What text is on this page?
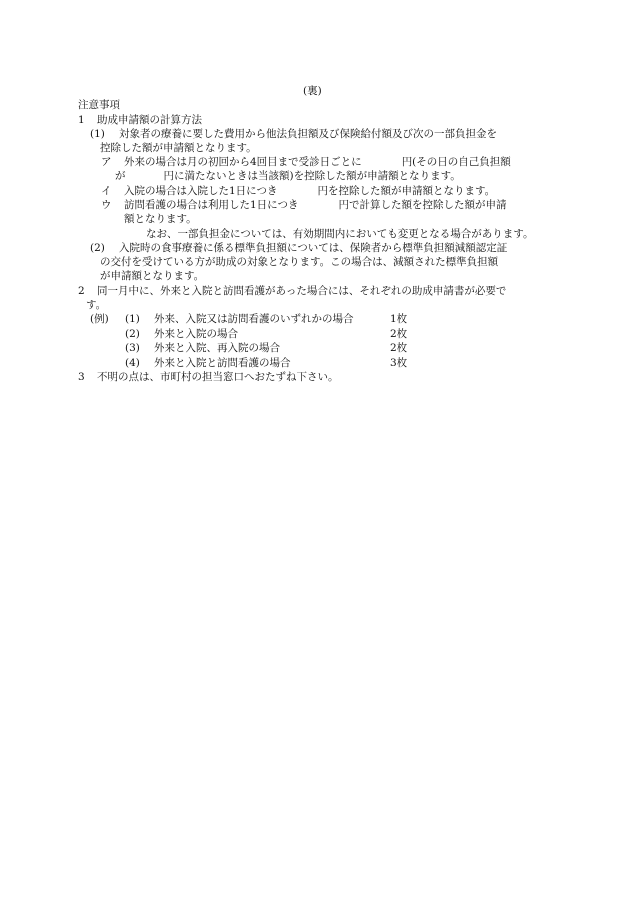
(裏)
注意事項
1 助成申請額の計算方法
(1) 対象者の療養に要した費用から他法負担額及び保険給付額及び次の一部負担金を
控除した額が申請額となります。
ア 外来の場合は月の初回から4回目まで受診日ごとに	円(その日の自己負担額
が	円に満たないときは当該額)を控除した額が申請額となります。
イ 入院の場合は入院した1日につき	円を控除した額が申請額となります。
ウ 訪問看護の場合は利用した1日につき	円で計算した額を控除した額が申請
額となります。
なお、一部負担金については、有効期間内においても変更となる場合があります。
(2) 入院時の食事療養に係る標準負担額については、保険者から標準負担額減額認定証
の交付を受けている方が助成の対象となります。この場合は、減額された標準負担額
が申請額となります。
2 同一月中に、外来と入院と訪問看護があった場合には、それぞれの助成申請書が必要で
す。
(例) (1) 外来、入院又は訪問看護のいずれかの場合	1枚
(2) 外来と入院の場合	2枚
(3) 外来と入院、再入院の場合	2枚
(4) 外来と入院と訪問看護の場合	3枚
3 不明の点は、市町村の担当窓口へおたずね下さい。
